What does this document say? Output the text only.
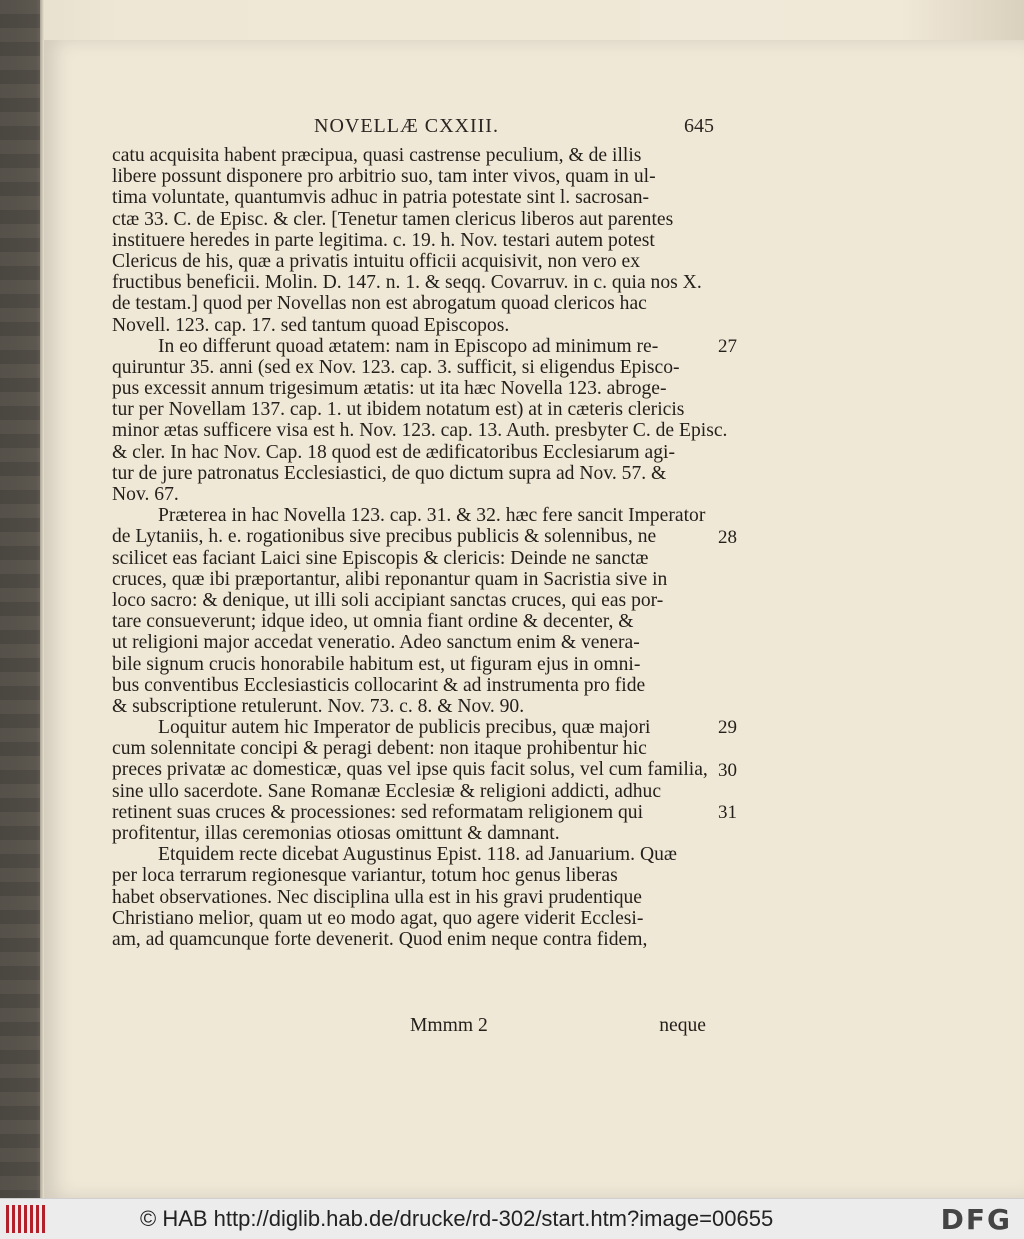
NOVELLÆ CXXIII.	645
catu acquisita habent præcipua, quasi castrense peculium, & de illis
libere possunt disponere pro arbitrio suo, tam inter vivos, quam in ul-
tima voluntate, quantumvis adhuc in patria potestate sint l. sacrosan-
ctæ 33. C. de Episc. & cler. [Tenetur tamen clericus liberos aut parentes
instituere heredes in parte legitima. c. 19. h. Nov. testari autem potest
Clericus de his, quæ a privatis intuitu officii acquisivit, non vero ex
fructibus beneficii. Molin. D. 147. n. 1. & seqq. Covarruv. in c. quia nos X.
de testam.] quod per Novellas non est abrogatum quoad clericos hac
Novell. 123. cap. 17. sed tantum quoad Episcopos.
In eo differunt quoad ætatem: nam in Episcopo ad minimum re-
quiruntur 35. anni (sed ex Nov. 123. cap. 3. sufficit, si eligendus Episco-
pus excessit annum trigesimum ætatis: ut ita hæc Novella 123. abroge-
tur per Novellam 137. cap. 1. ut ibidem notatum est) at in cæteris clericis
minor ætas sufficere visa est h. Nov. 123. cap. 13. Auth. presbyter C. de Episc.
& cler. In hac Nov. Cap. 18 quod est de ædificatoribus Ecclesiarum agi-
tur de jure patronatus Ecclesiastici, de quo dictum supra ad Nov. 57. &
Nov. 67.
Præterea in hac Novella 123. cap. 31. & 32. hæc fere sancit Imperator
de Lytaniis, h. e. rogationibus sive precibus publicis & solennibus, ne
scilicet eas faciant Laici sine Episcopis & clericis: Deinde ne sanctæ
cruces, quæ ibi præportantur, alibi reponantur quam in Sacristia sive in
loco sacro: & denique, ut illi soli accipiant sanctas cruces, qui eas por-
tare consueverunt; idque ideo, ut omnia fiant ordine & decenter, &
ut religioni major accedat veneratio. Adeo sanctum enim & venera-
bile signum crucis honorabile habitum est, ut figuram ejus in omni-
bus conventibus Ecclesiasticis collocarint & ad instrumenta pro fide
& subscriptione retulerunt. Nov. 73. c. 8. & Nov. 90.
Loquitur autem hic Imperator de publicis precibus, quæ majori
cum solennitate concipi & peragi debent: non itaque prohibentur hic
preces privatæ ac domesticæ, quas vel ipse quis facit solus, vel cum familia,
sine ullo sacerdote. Sane Romanæ Ecclesiæ & religioni addicti, adhuc
retinent suas cruces & processiones: sed reformatam religionem qui
profitentur, illas ceremonias otiosas omittunt & damnant.
Etquidem recte dicebat Augustinus Epist. 118. ad Januarium. Quæ
per loca terrarum regionesque variantur, totum hoc genus liberas
habet observationes. Nec disciplina ulla est in his gravi prudentique
Christiano melior, quam ut eo modo agat, quo agere viderit Ecclesi-
am, ad quamcunque forte devenerit. Quod enim neque contra fidem,
27
28
29
30
31
Mmmm 2	neque
© HAB http://diglib.hab.de/drucke/rd-302/start.htm?image=00655	DFG
